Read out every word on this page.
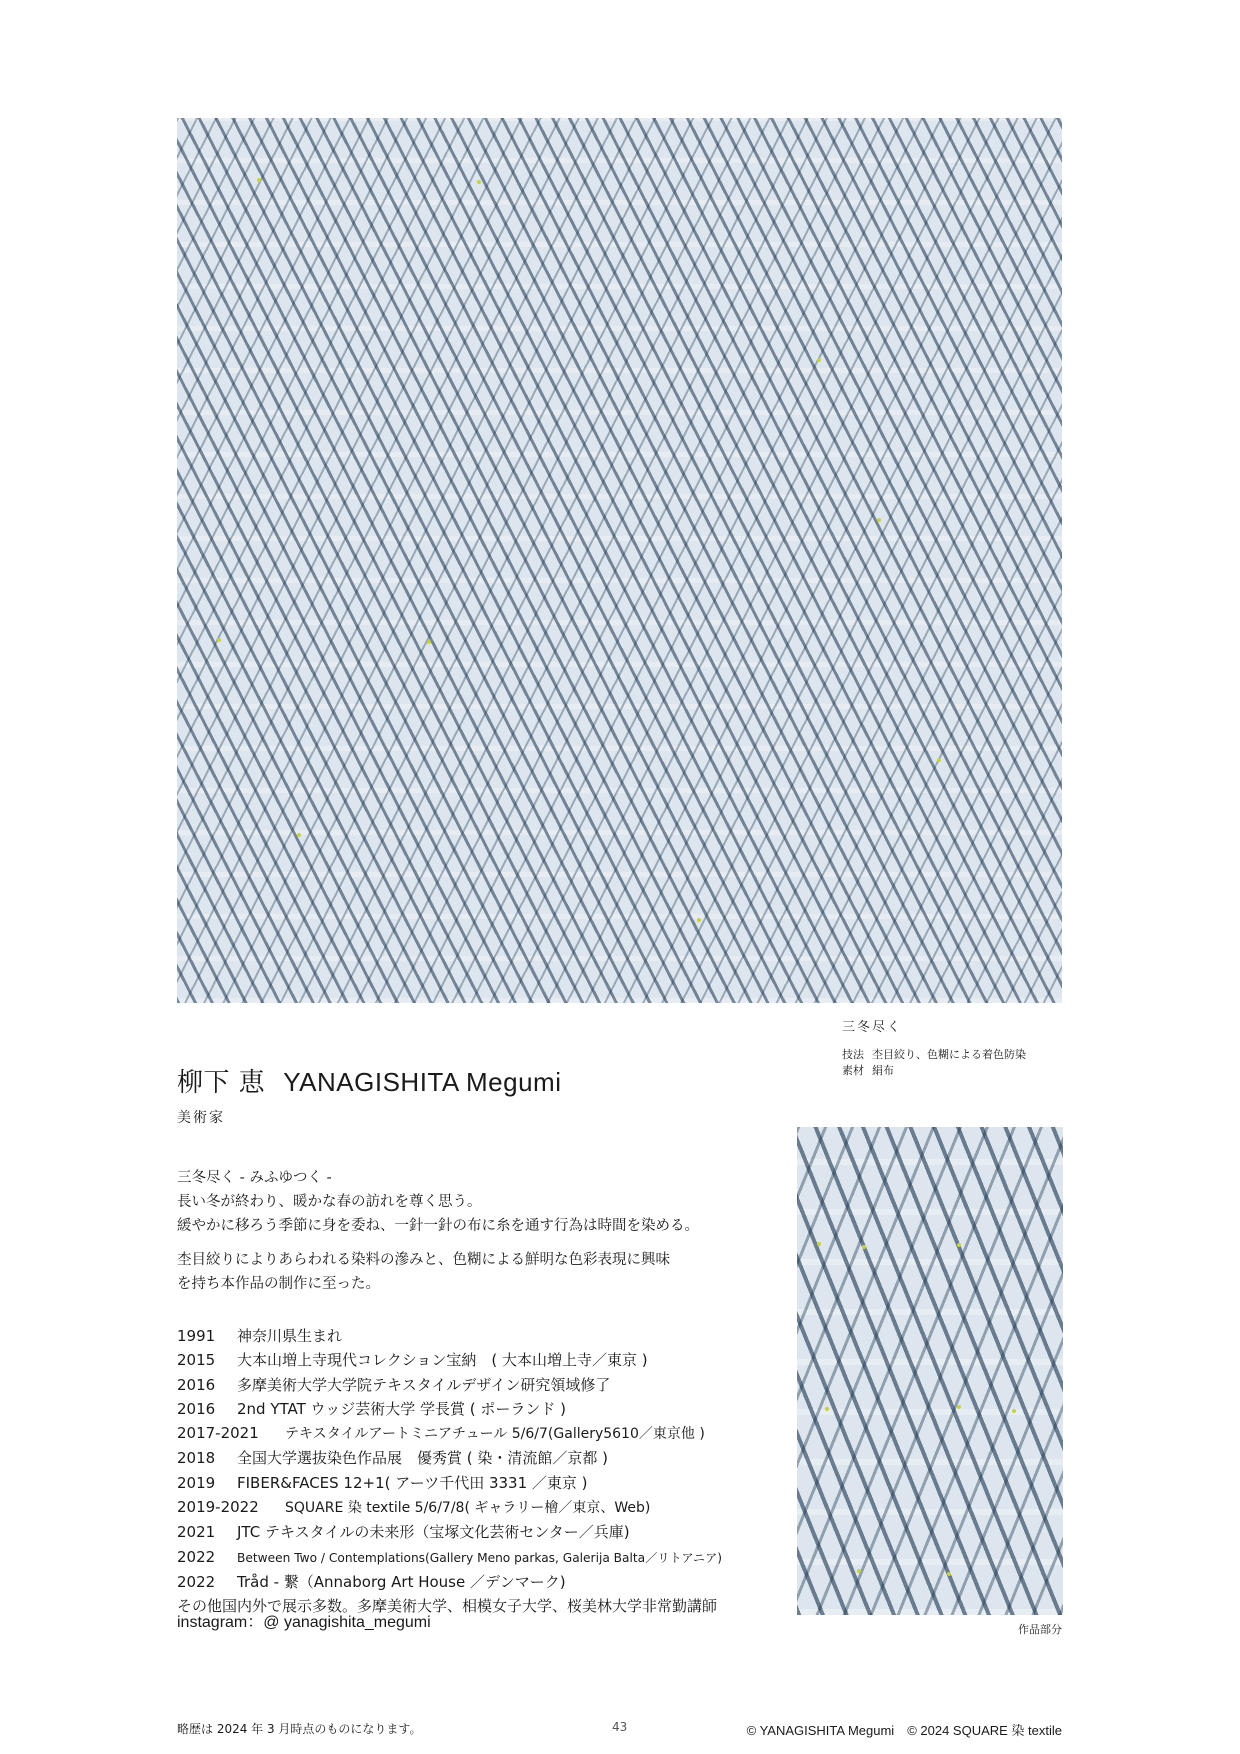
三冬尽く
技法 杢目絞り、色糊による着色防染
素材 絹布
柳下 恵 YANAGISHITA Megumi
美術家

三冬尽く - みふゆつく -

長い冬が終わり、暖かな春の訪れを尊く思う。

緩やかに移ろう季節に身を委ね、一針一針の布に糸を通す行為は時間を染める。

杢目絞りによりあらわれる染料の滲みと、色糊による鮮明な色彩表現に興味

を持ち本作品の制作に至った。

1991 神奈川県生まれ
2015 大本山増上寺現代コレクション宝納　( 大本山増上寺／東京 )
2016 多摩美術大学大学院テキスタイルデザイン研究領域修了
2016 2nd YTAT ウッジ芸術大学 学長賞 ( ポーランド )
2017-2021 テキスタイルアートミニアチュール 5/6/7(Gallery5610／東京他 )
2018 全国大学選抜染色作品展　優秀賞 ( 染・清流館／京都 )
2019 FIBER&FACES 12+1( アーツ千代田 3331 ／東京 )
2019-2022 SQUARE 染 textile 5/6/7/8( ギャラリー檜／東京、Web)
2021 JTC テキスタイルの未来形（宝塚文化芸術センター／兵庫)
2022 Between Two / Contemplations(Gallery Meno parkas, Galerija Balta／リトアニア)
2022 Tråd - 繋（Annaborg Art House ／デンマーク)
その他国内外で展示多数。多摩美術大学、相模女子大学、桜美林大学非常勤講師
instagram：@ yanagishita_megumi	作品部分
略歴は 2024 年 3 月時点のものになります。	43	© YANAGISHITA Megumi　© 2024 SQUARE 染 textile
